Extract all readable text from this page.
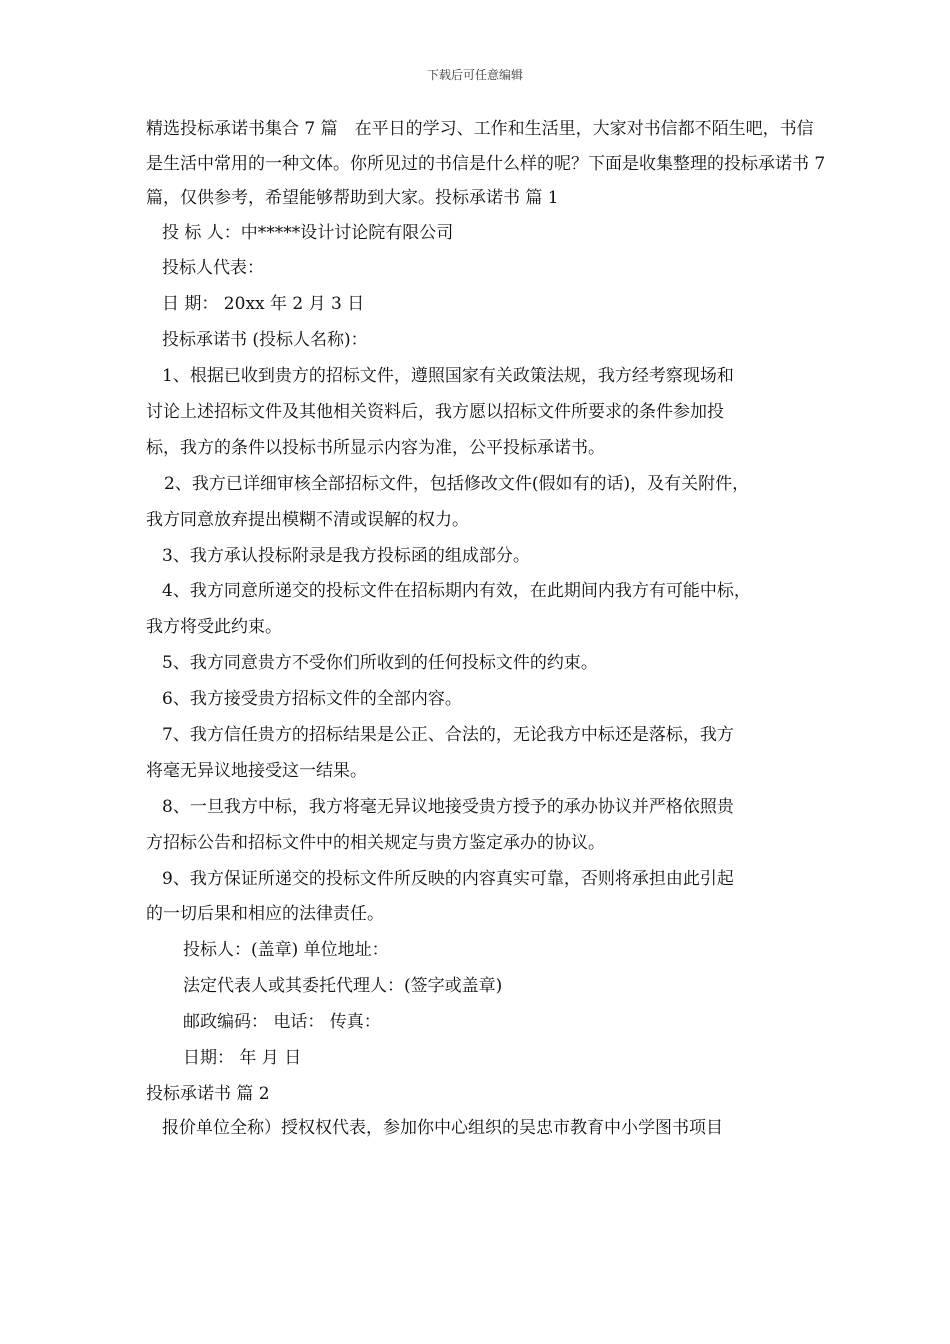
下载后可任意编辑

精选投标承诺书集合 7 篇  在平日的学习、工作和生活里，大家对书信都不陌生吧，书信是生活中常用的一种文体。你所见过的书信是什么样的呢？下面是收集整理的投标承诺书 7 篇，仅供参考，希望能够帮助到大家。投标承诺书 篇 1

投 标 人：中*****设计讨论院有限公司

投标人代表：

日 期： 20xx 年 2 月 3 日

投标承诺书 (投标人名称)：

1、根据已收到贵方的招标文件，遵照国家有关政策法规，我方经考察现场和

讨论上述招标文件及其他相关资料后，我方愿以招标文件所要求的条件参加投

标，我方的条件以投标书所显示内容为准，公平投标承诺书。

2、我方已详细审核全部招标文件，包括修改文件(假如有的话)，及有关附件，

我方同意放弃提出模糊不清或误解的权力。

3、我方承认投标附录是我方投标函的组成部分。

4、我方同意所递交的投标文件在招标期内有效，在此期间内我方有可能中标，

我方将受此约束。

5、我方同意贵方不受你们所收到的任何投标文件的约束。

6、我方接受贵方招标文件的全部内容。

7、我方信任贵方的招标结果是公正、合法的，无论我方中标还是落标，我方

将毫无异议地接受这一结果。

8、一旦我方中标，我方将毫无异议地接受贵方授予的承办协议并严格依照贵

方招标公告和招标文件中的相关规定与贵方鉴定承办的协议。

9、我方保证所递交的投标文件所反映的内容真实可靠，否则将承担由此引起

的一切后果和相应的法律责任。

投标人：(盖章) 单位地址：

法定代表人或其委托代理人：(签字或盖章)

邮政编码： 电话： 传真：

日期： 年 月 日

投标承诺书 篇 2

报价单位全称）授权权代表，参加你中心组织的吴忠市教育中小学图书项目
